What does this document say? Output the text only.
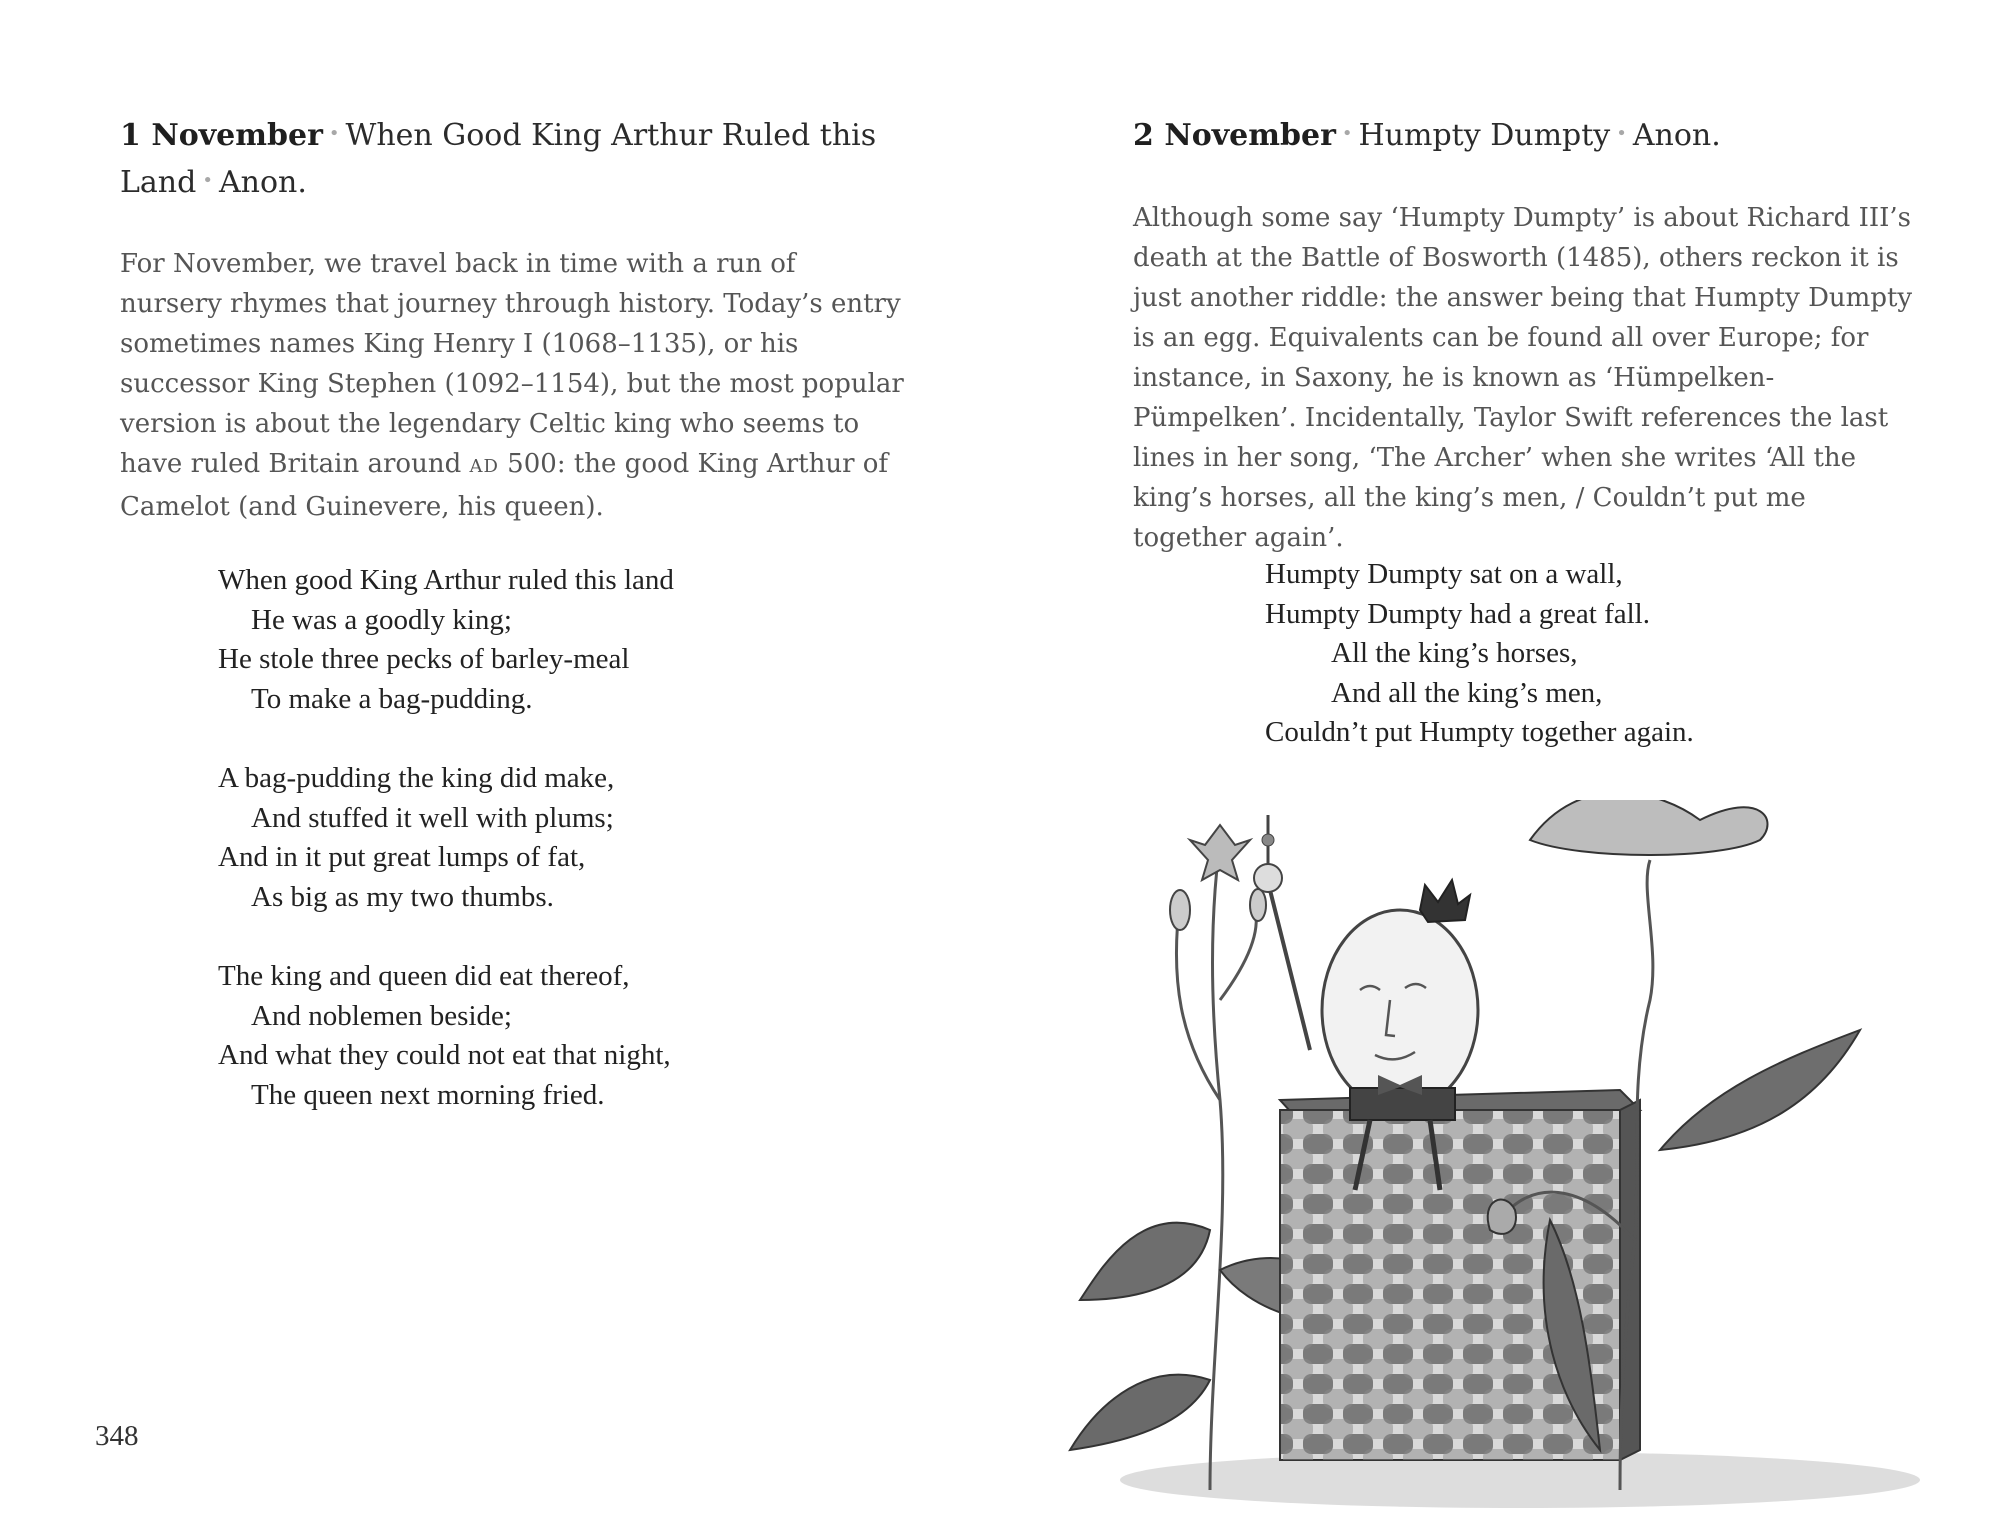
1 November • When Good King Arthur Ruled this
Land • Anon.

For November, we travel back in time with a run of nursery rhymes that journey through history. Today’s entry sometimes names King Henry I (1068–1135), or his successor King Stephen (1092–1154), but the most popular version is about the legendary Celtic king who seems to have ruled Britain around AD 500: the good King Arthur of Camelot (and Guinevere, his queen).

When good King Arthur ruled this land
He was a goodly king;
He stole three pecks of barley-meal
To make a bag-pudding.
A bag-pudding the king did make,
And stuffed it well with plums;
And in it put great lumps of fat,
As big as my two thumbs.
The king and queen did eat thereof,
And noblemen beside;
And what they could not eat that night,
The queen next morning fried.
348
2 November • Humpty Dumpty • Anon.

Although some say ‘Humpty Dumpty’ is about Richard III’s death at the Battle of Bosworth (1485), others reckon it is just another riddle: the answer being that Humpty Dumpty is an egg. Equivalents can be found all over Europe; for instance, in Saxony, he is known as ‘Hümpelken-Pümpelken’. Incidentally, Taylor Swift references the last lines in her song, ‘The Archer’ when she writes ‘All the king’s horses, all the king’s men, / Couldn’t put me together again’.

Humpty Dumpty sat on a wall,
Humpty Dumpty had a great fall.
All the king’s horses,
And all the king’s men,
Couldn’t put Humpty together again.
